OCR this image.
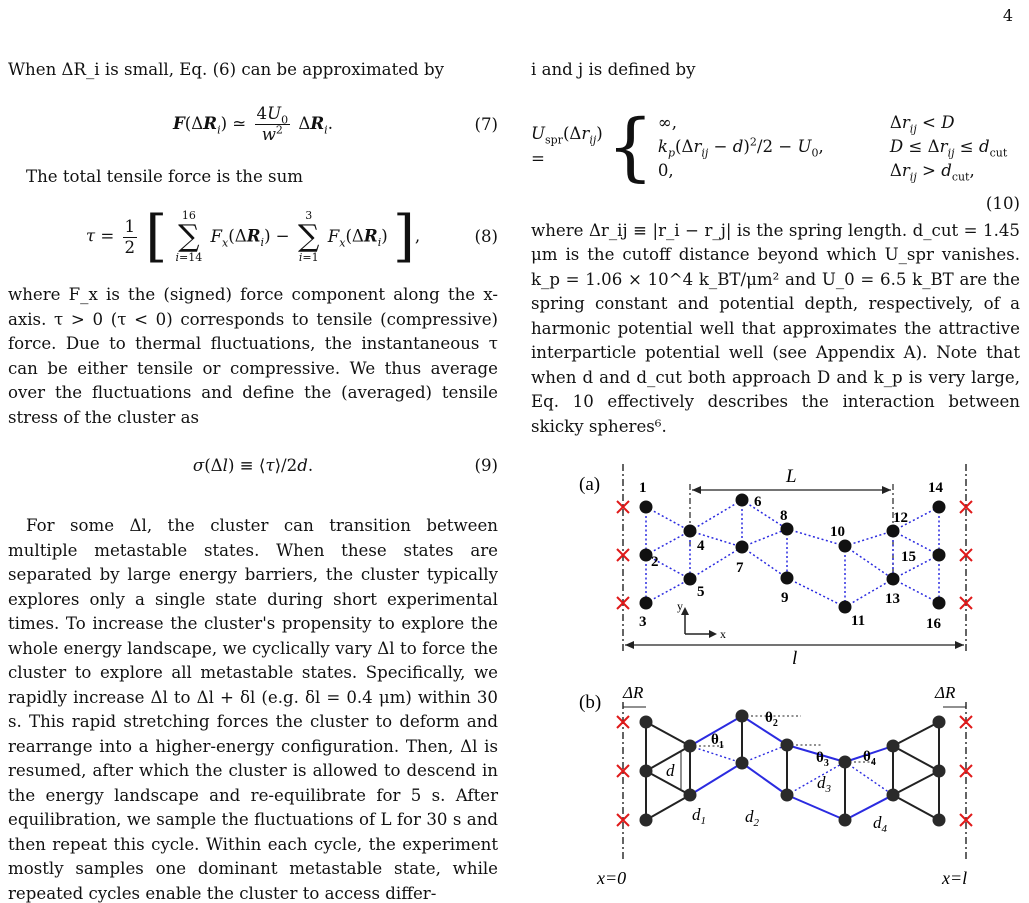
4

When ΔR_i is small, Eq. (6) can be approximated by

$F(\Delta R_i)$ ≃ $\frac{4U_0}{w^2} \Delta R_i$.	(7)

The total tensile force is the sum

$\tau = \frac{1}{2}$ [ 16
∑
i=14
$F_x(\Delta R_i)$ −
3
∑
i=1
$F_x(\Delta R_i)$ ],	(8)

where F_x is the (signed) force component along the x-axis. τ > 0 (τ < 0) corresponds to tensile (compressive) force. Due to thermal fluctuations, the instantaneous τ can be either tensile or compressive. We thus average over the fluctuations and define the (averaged) tensile stress of the cluster as

σ(Δl) ≡ ⟨τ⟩/2d.	(9)

For some Δl, the cluster can transition between multiple metastable states. When these states are separated by large energy barriers, the cluster typically explores only a single state during short experimental times. To increase the cluster's propensity to explore the whole energy landscape, we cyclically vary Δl to force the cluster to explore all metastable states. Specifically, we rapidly increase Δl to Δl + δl (e.g. δl = 0.4 μm) within 30 s. This rapid stretching forces the cluster to deform and rearrange into a higher-energy configuration. Then, Δl is resumed, after which the cluster is allowed to descend in the energy landscape and re-equilibrate for 5 s. After equilibration, we sample the fluctuations of L for 30 s and then repeat this cycle. Within each cycle, the experiment mostly samples one dominant metastable state, while repeated cycles enable the cluster to access differ-

i and j is defined by

$U_{spr}(\Delta r_{ij})$ = { ∞,	$\Delta r_{ij} < D$
$k_p(\Delta r_{ij} - d)^2/2 - U_0$,	$D \le \Delta r_{ij} \le d_{cut}$
0,	$\Delta r_{ij} > d_{cut}$,
(10)

where Δr_ij ≡ |r_i − r_j| is the spring length. d_cut = 1.45 μm is the cutoff distance beyond which U_spr vanishes. k_p = 1.06 × 10^4 k_BT/μm² and U_0 = 6.5 k_BT are the spring constant and potential depth, respectively, of a harmonic potential well that approximates the attractive interparticle potential well (see Appendix A). Note that when d and d_cut both approach D and k_p is very large, Eq. 10 effectively describes the interaction between skicky spheres⁶.

(a)	L
1
2
3
4
5
6
7
8
9
10
11
12
13
14
15
16
y
x
l
(b) ΔR	ΔR
d
$d_1$ $d_2$
$d_3$
$d_4$
$\theta_1$
$\theta_2$
$\theta_3$ $\theta_4$
x=0	x=l
